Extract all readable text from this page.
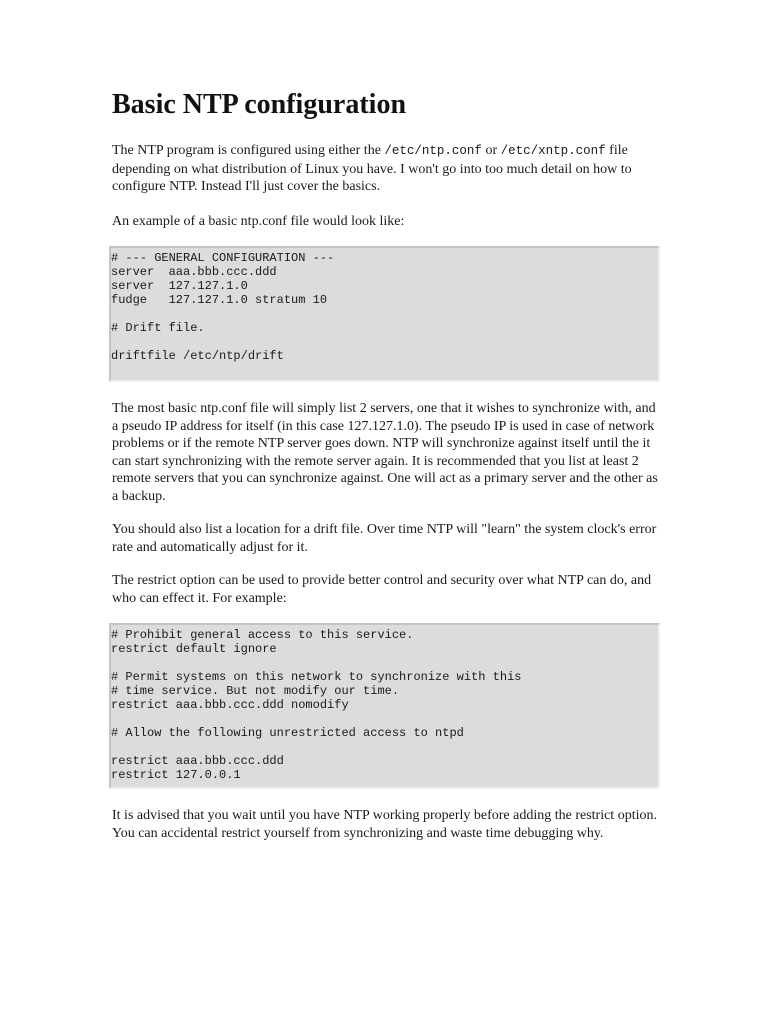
Basic NTP configuration

The NTP program is configured using either the /etc/ntp.conf or /etc/xntp.conf file depending on what distribution of Linux you have. I won't go into too much detail on how to configure NTP. Instead I'll just cover the basics.

An example of a basic ntp.conf file would look like:

# --- GENERAL CONFIGURATION ---
server  aaa.bbb.ccc.ddd
server  127.127.1.0
fudge   127.127.1.0 stratum 10
# Drift file.
driftfile /etc/ntp/drift

The most basic ntp.conf file will simply list 2 servers, one that it wishes to synchronize with, and a pseudo IP address for itself (in this case 127.127.1.0). The pseudo IP is used in case of network problems or if the remote NTP server goes down. NTP will synchronize against itself until the it can start synchronizing with the remote server again. It is recommended that you list at least 2 remote servers that you can synchronize against. One will act as a primary server and the other as a backup.

You should also list a location for a drift file. Over time NTP will "learn" the system clock's error rate and automatically adjust for it.

The restrict option can be used to provide better control and security over what NTP can do, and who can effect it. For example:

# Prohibit general access to this service.
restrict default ignore
# Permit systems on this network to synchronize with this
# time service. But not modify our time.
restrict aaa.bbb.ccc.ddd nomodify
# Allow the following unrestricted access to ntpd
restrict aaa.bbb.ccc.ddd
restrict 127.0.0.1

It is advised that you wait until you have NTP working properly before adding the restrict option. You can accidental restrict yourself from synchronizing and waste time debugging why.
